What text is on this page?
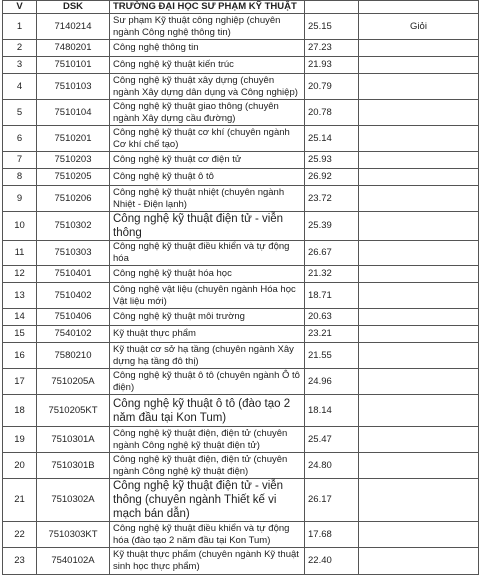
V	DSK	TRƯỜNG ĐẠI HỌC SƯ PHẠM KỸ THUẬT		
1	7140214	Sư phạm Kỹ thuật công nghiệp (chuyên ngành Công nghệ thông tin)	25.15	Giỏi
2	7480201	Công nghệ thông tin	27.23	
3	7510101	Công nghệ kỹ thuật kiến trúc	21.93	
4	7510103	Công nghệ kỹ thuật xây dựng (chuyên ngành Xây dựng dân dụng và Công nghiệp)	20.79	
5	7510104	Công nghệ kỹ thuật giao thông (chuyên ngành Xây dựng cầu đường)	20.78	
6	7510201	Công nghệ kỹ thuật cơ khí (chuyên ngành Cơ khí chế tạo)	25.14	
7	7510203	Công nghệ kỹ thuật cơ điện tử	25.93	
8	7510205	Công nghệ kỹ thuật ô tô	26.92	
9	7510206	Công nghệ kỹ thuật nhiệt (chuyên ngành Nhiệt - Điện lạnh)	23.72	
10	7510302	Công nghệ kỹ thuật điện tử - viễn thông	25.39	
11	7510303	Công nghệ kỹ thuật điều khiển và tự động hóa	26.67	
12	7510401	Công nghệ kỹ thuật hóa học	21.32	
13	7510402	Công nghệ vật liệu (chuyên ngành Hóa học Vật liệu mới)	18.71	
14	7510406	Công nghệ kỹ thuật môi trường	20.63	
15	7540102	Kỹ thuật thực phẩm	23.21	
16	7580210	Kỹ thuật cơ sở hạ tầng (chuyên ngành Xây dựng hạ tầng đô thị)	21.55	
17	7510205A	Công nghệ kỹ thuật ô tô (chuyên ngành Ô tô điện)	24.96	
18	7510205KT	Công nghệ kỹ thuật ô tô (đào tạo 2 năm đầu tại Kon Tum)	18.14	
19	7510301A	Công nghệ kỹ thuật điện, điện tử (chuyên ngành Công nghệ kỹ thuật điện tử)	25.47	
20	7510301B	Công nghệ kỹ thuật điện, điện tử (chuyên ngành Công nghệ kỹ thuật điện)	24.80	
21	7510302A	Công nghệ kỹ thuật điện tử - viễn thông (chuyên ngành Thiết kế vi mạch bán dẫn)	26.17	
22	7510303KT	Công nghệ kỹ thuật điều khiển và tự động hóa (đào tạo 2 năm đầu tại Kon Tum)	17.68	
23	7540102A	Kỹ thuật thực phẩm (chuyên ngành Kỹ thuật sinh học thực phẩm)	22.40	
